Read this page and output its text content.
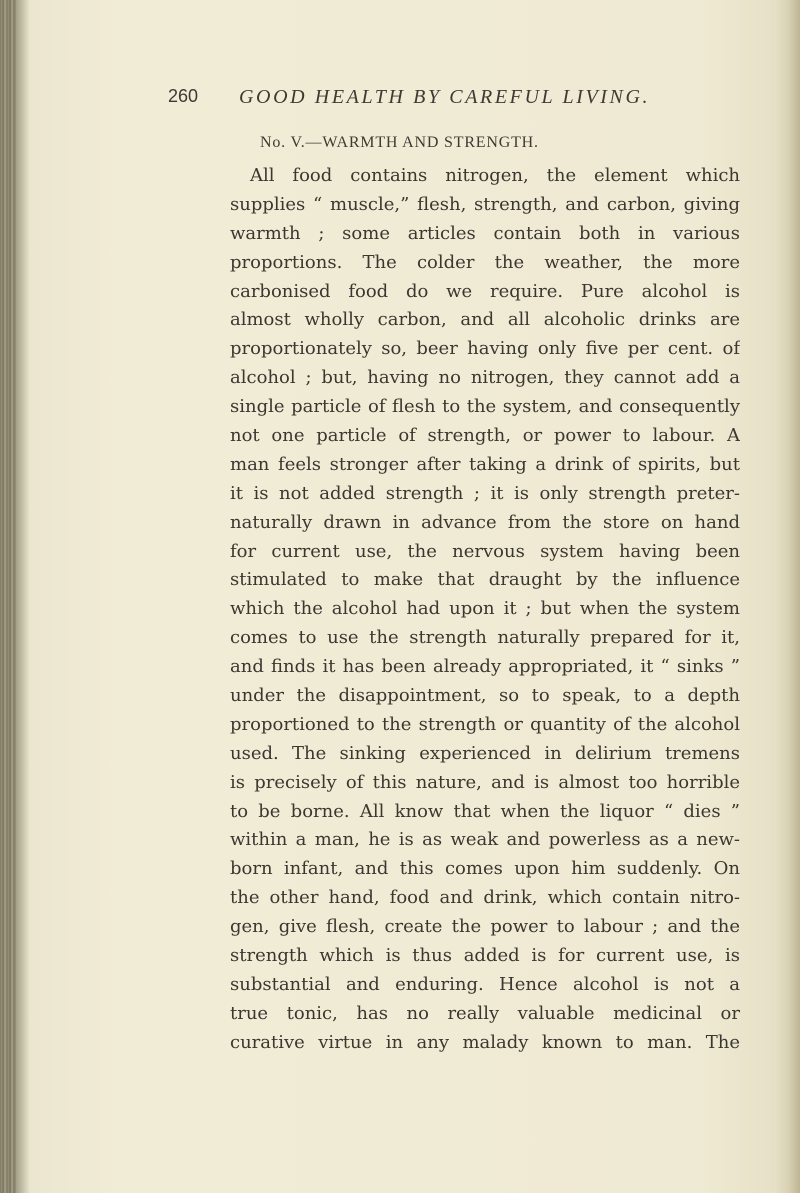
260 GOOD HEALTH BY CAREFUL LIVING.
No. V.—WARMTH AND STRENGTH.
All food contains nitrogen, the element which
supplies “ muscle,” flesh, strength, and carbon, giving
warmth ; some articles contain both in various
proportions. The colder the weather, the more
carbonised food do we require. Pure alcohol is
almost wholly carbon, and all alcoholic drinks are
proportionately so, beer having only five per cent. of
alcohol ; but, having no nitrogen, they cannot add a
single particle of flesh to the system, and consequently
not one particle of strength, or power to labour. A
man feels stronger after taking a drink of spirits, but
it is not added strength ; it is only strength preter-
naturally drawn in advance from the store on hand
for current use, the nervous system having been
stimulated to make that draught by the influence
which the alcohol had upon it ; but when the system
comes to use the strength naturally prepared for it,
and finds it has been already appropriated, it “ sinks ”
under the disappointment, so to speak, to a depth
proportioned to the strength or quantity of the alcohol
used. The sinking experienced in delirium tremens
is precisely of this nature, and is almost too horrible
to be borne. All know that when the liquor “ dies ”
within a man, he is as weak and powerless as a new-
born infant, and this comes upon him suddenly. On
the other hand, food and drink, which contain nitro-
gen, give flesh, create the power to labour ; and the
strength which is thus added is for current use, is
substantial and enduring. Hence alcohol is not a
true tonic, has no really valuable medicinal or
curative virtue in any malady known to man. The
